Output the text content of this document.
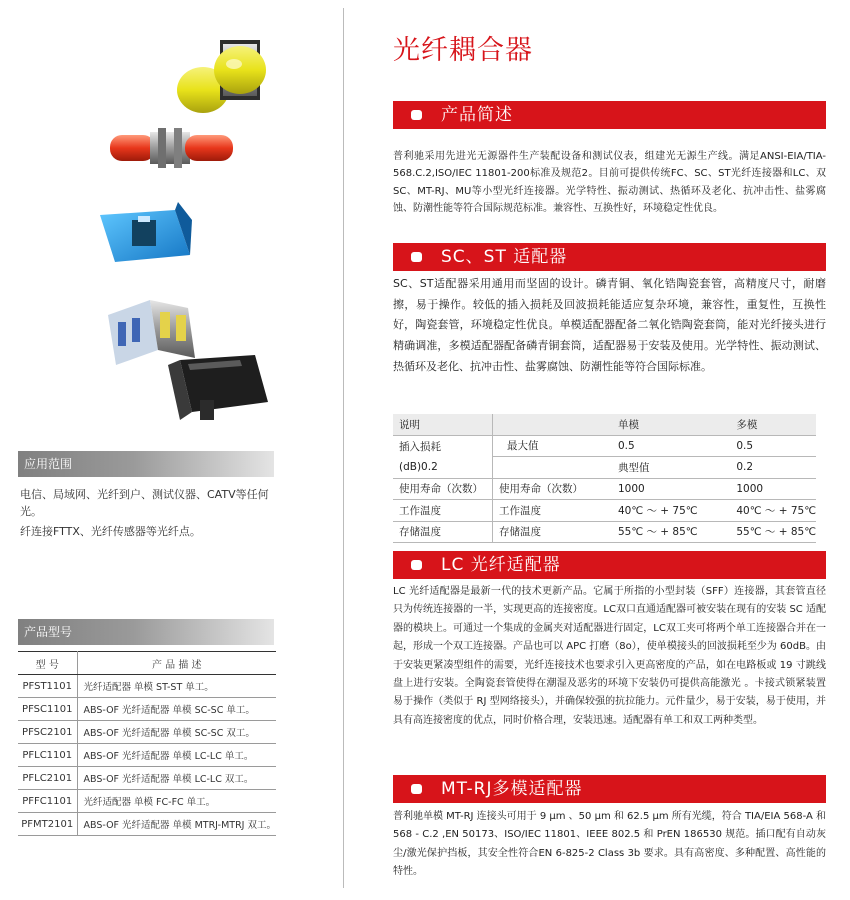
应用范围

电信、局域网、光纤到户、测试仪器、CATV等任何光。

纤连接FTTX、光纤传感器等光纤点。

产品型号
型 号	产 品 描 述
PFST1101	光纤适配器 单模 ST-ST 单工。
PFSC1101	ABS-OF 光纤适配器 单模 SC-SC 单工。
PFSC2101	ABS-OF 光纤适配器 单模 SC-SC 双工。
PFLC1101	ABS-OF 光纤适配器 单模 LC-LC 单工。
PFLC2101	ABS-OF 光纤适配器 单模 LC-LC 双工。
PFFC1101	光纤适配器 单模 FC-FC 单工。
PFMT2101	ABS-OF 光纤适配器 单模 MTRJ-MTRJ 双工。
光纤耦合器
产品简述

普利驰采用先进光无源器件生产装配设备和测试仪表，组建光无源生产线。满足ANSI-EIA/TIA-568.C.2,ISO/IEC 11801-200标准及规范2。目前可提供传统FC、SC、ST光纤连接器和LC、双SC、MT-RJ、MU等小型光纤连接器。光学特性、振动测试、热循环及老化、抗冲击性、盐雾腐蚀、防潮性能等符合国际规范标准。兼容性、互换性好，环境稳定性优良。

SC、ST 适配器

SC、ST适配器采用通用而坚固的设计。磷青铜、氧化锆陶瓷套管，高精度尺寸，耐磨擦，易于操作。较低的插入损耗及回波损耗能适应复杂环境，兼容性，重复性，互换性好，陶瓷套管，环境稳定性优良。单模适配器配备二氧化锆陶瓷套筒，能对光纤接头进行精确调准，多模适配器配备磷青铜套筒，适配器易于安装及使用。光学特性、振动测试、热循环及老化、抗冲击性、盐雾腐蚀、防潮性能等符合国际标准。

说明		单模	多模
插入损耗	最大值	0.5	0.5
(dB)0.2		典型值	0.2
使用寿命（次数）	使用寿命（次数）	1000	1000
工作温度	工作温度	40℃ ～ + 75℃	40℃ ～ + 75℃
存储温度	存储温度	55℃ ～ + 85℃	55℃ ～ + 85℃
LC 光纤适配器

LC 光纤适配器是最新一代的技术更新产品。它属于所指的小型封装（SFF）连接器，其套管直径只为传统连接器的一半，实现更高的连接密度。LC双口直通适配器可被安装在现有的安装 SC 适配器的模块上。可通过一个集成的金属夹对适配器进行固定，LC双工夹可将两个单工连接器合并在一起，形成一个双工连接器。产品也可以 APC 打磨（8o），使单模接头的回波损耗至少为 60dB。由于安装更紧凑型组件的需要，光纤连接技术也要求引入更高密度的产品，如在电路板或 19 寸跳线盘上进行安装。全陶瓷套管使得在潮湿及恶劣的环境下安装仍可提供高能激光 。卡接式锁紧装置易于操作（类似于 RJ 型网络接头），并确保较强的抗拉能力。元件量少，易于安装，易于使用，并具有高连接密度的优点，同时价格合理，安装迅速。适配器有单工和双工两种类型。

MT-RJ多模适配器

普利驰单模 MT-RJ 连接头可用于 9 μm 、50 μm 和 62.5 μm 所有光缆，符合 TIA/EIA 568-A 和568 - C.2 ,EN 50173、ISO/IEC 11801、IEEE 802.5 和 PrEN 186530 规范。插口配有自动灰尘/激光保护挡板，其安全性符合EN 6-825-2 Class 3b 要求。具有高密度、多种配置、高性能的特性。
